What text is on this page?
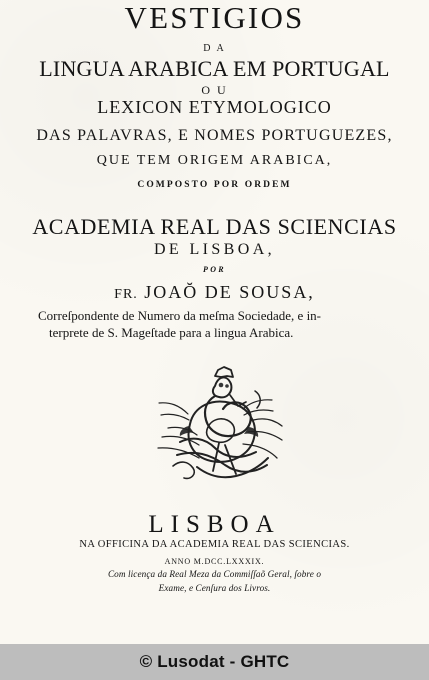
VESTIGIOS
D A
LINGUA ARABICA EM PORTUGAL
O U
LEXICON ETYMOLOGICO
DAS PALAVRAS, E NOMES PORTUGUEZES,
QUE TEM ORIGEM ARABICA,
COMPOSTO POR ORDEM
ACADEMIA REAL DAS SCIENCIAS
DE LISBOA,
POR
FR. JOAŎ DE SOUSA,
Correſpondente de Numero da meſma Sociedade, e in-
terprete de S. Mageſtade para a lingua Arabica.
LISBOA
NA OFFICINA DA ACADEMIA REAL DAS SCIENCIAS.
ANNO M.DCC.LXXXIX.
Com licença da Real Meza da Commiſſaõ Geral, ſobre o
Exame, e Cenſura dos Livros.
© Lusodat - GHTC
